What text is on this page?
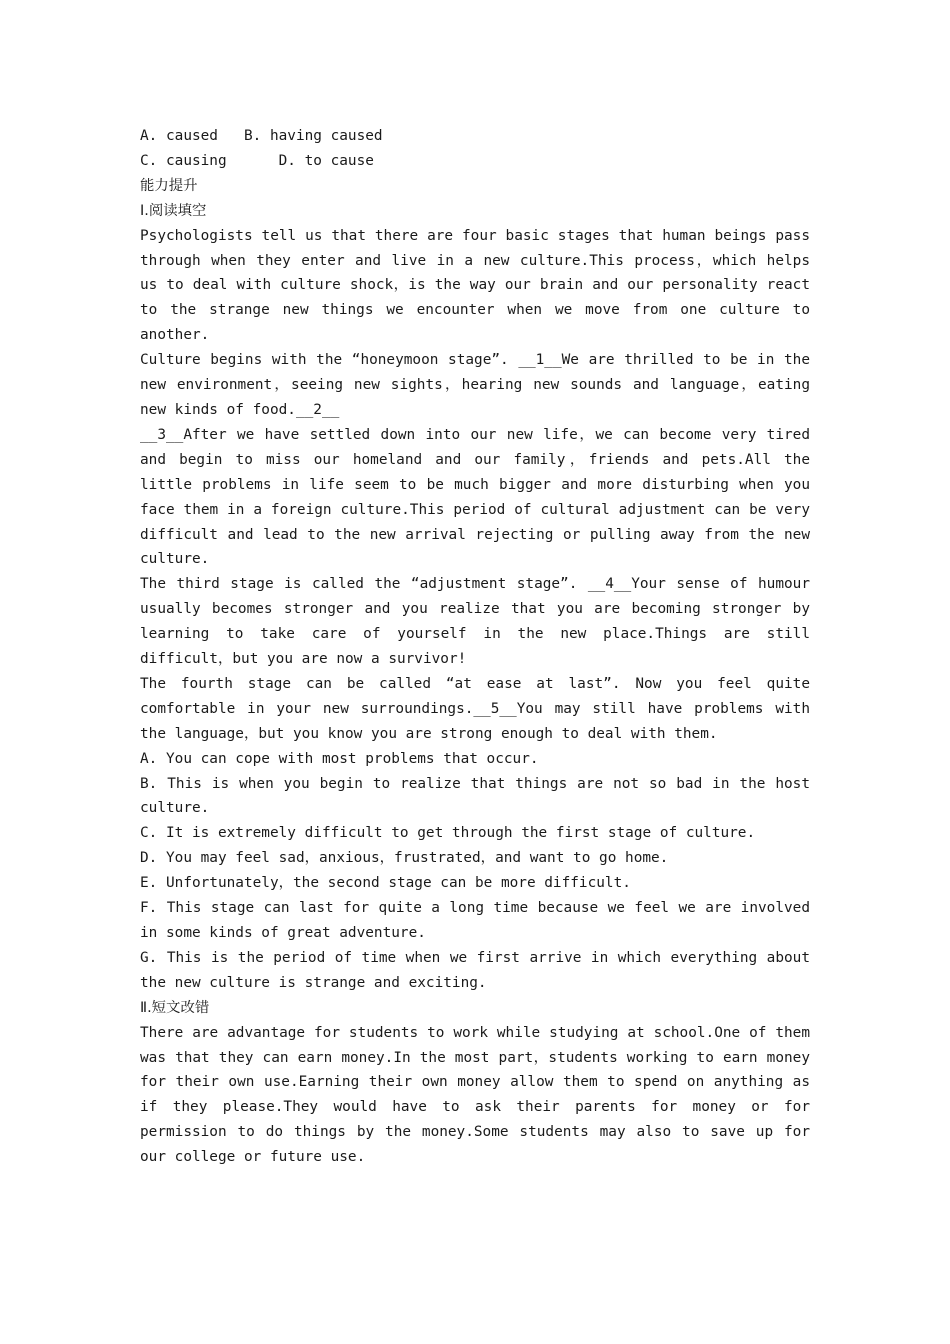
A. caused   B. having caused
C. causing      D. to cause
能力提升
Ⅰ.阅读填空
Psychologists tell us that there are four basic stages that human beings pass through when they enter and live in a new culture.This process，which helps us to deal with culture shock，is the way our brain and our personality react to the strange new things we encounter when we move from one culture to another.
Culture begins with the “honeymoon stage”. __1__We are thrilled to be in the new environment，seeing new sights，hearing new sounds and language，eating new kinds of food.__2__
__3__After we have settled down into our new life，we can become very tired and begin to miss our homeland and our family，friends and pets.All the little problems in life seem to be much bigger and more disturbing when you face them in a foreign culture.This period of cultural adjustment can be very difficult and lead to the new arrival rejecting or pulling away from the new culture.
The third stage is called the “adjustment stage”. __4__Your sense of humour usually becomes stronger and you realize that you are becoming stronger by learning to take care of yourself in the new place.Things are still difficult，but you are now a survivor!
The fourth stage can be called “at ease at last”. Now you feel quite comfortable in your new surroundings.__5__You may still have problems with the language，but you know you are strong enough to deal with them.
A. You can cope with most problems that occur.
B. This is when you begin to realize that things are not so bad in the host culture.
C. It is extremely difficult to get through the first stage of culture.
D. You may feel sad，anxious，frustrated，and want to go home.
E. Unfortunately，the second stage can be more difficult.
F. This stage can last for quite a long time because we feel we are involved in some kinds of great adventure.
G. This is the period of time when we first arrive in which everything about the new culture is strange and exciting.
Ⅱ.短文改错
There are advantage for students to work while studying at school.One of them was that they can earn money.In the most part，students working to earn money for their own use.Earning their own money allow them to spend on anything as if they please.They would have to ask their parents for money or for permission to do things by the money.Some students may also to save up for our college or future use.
